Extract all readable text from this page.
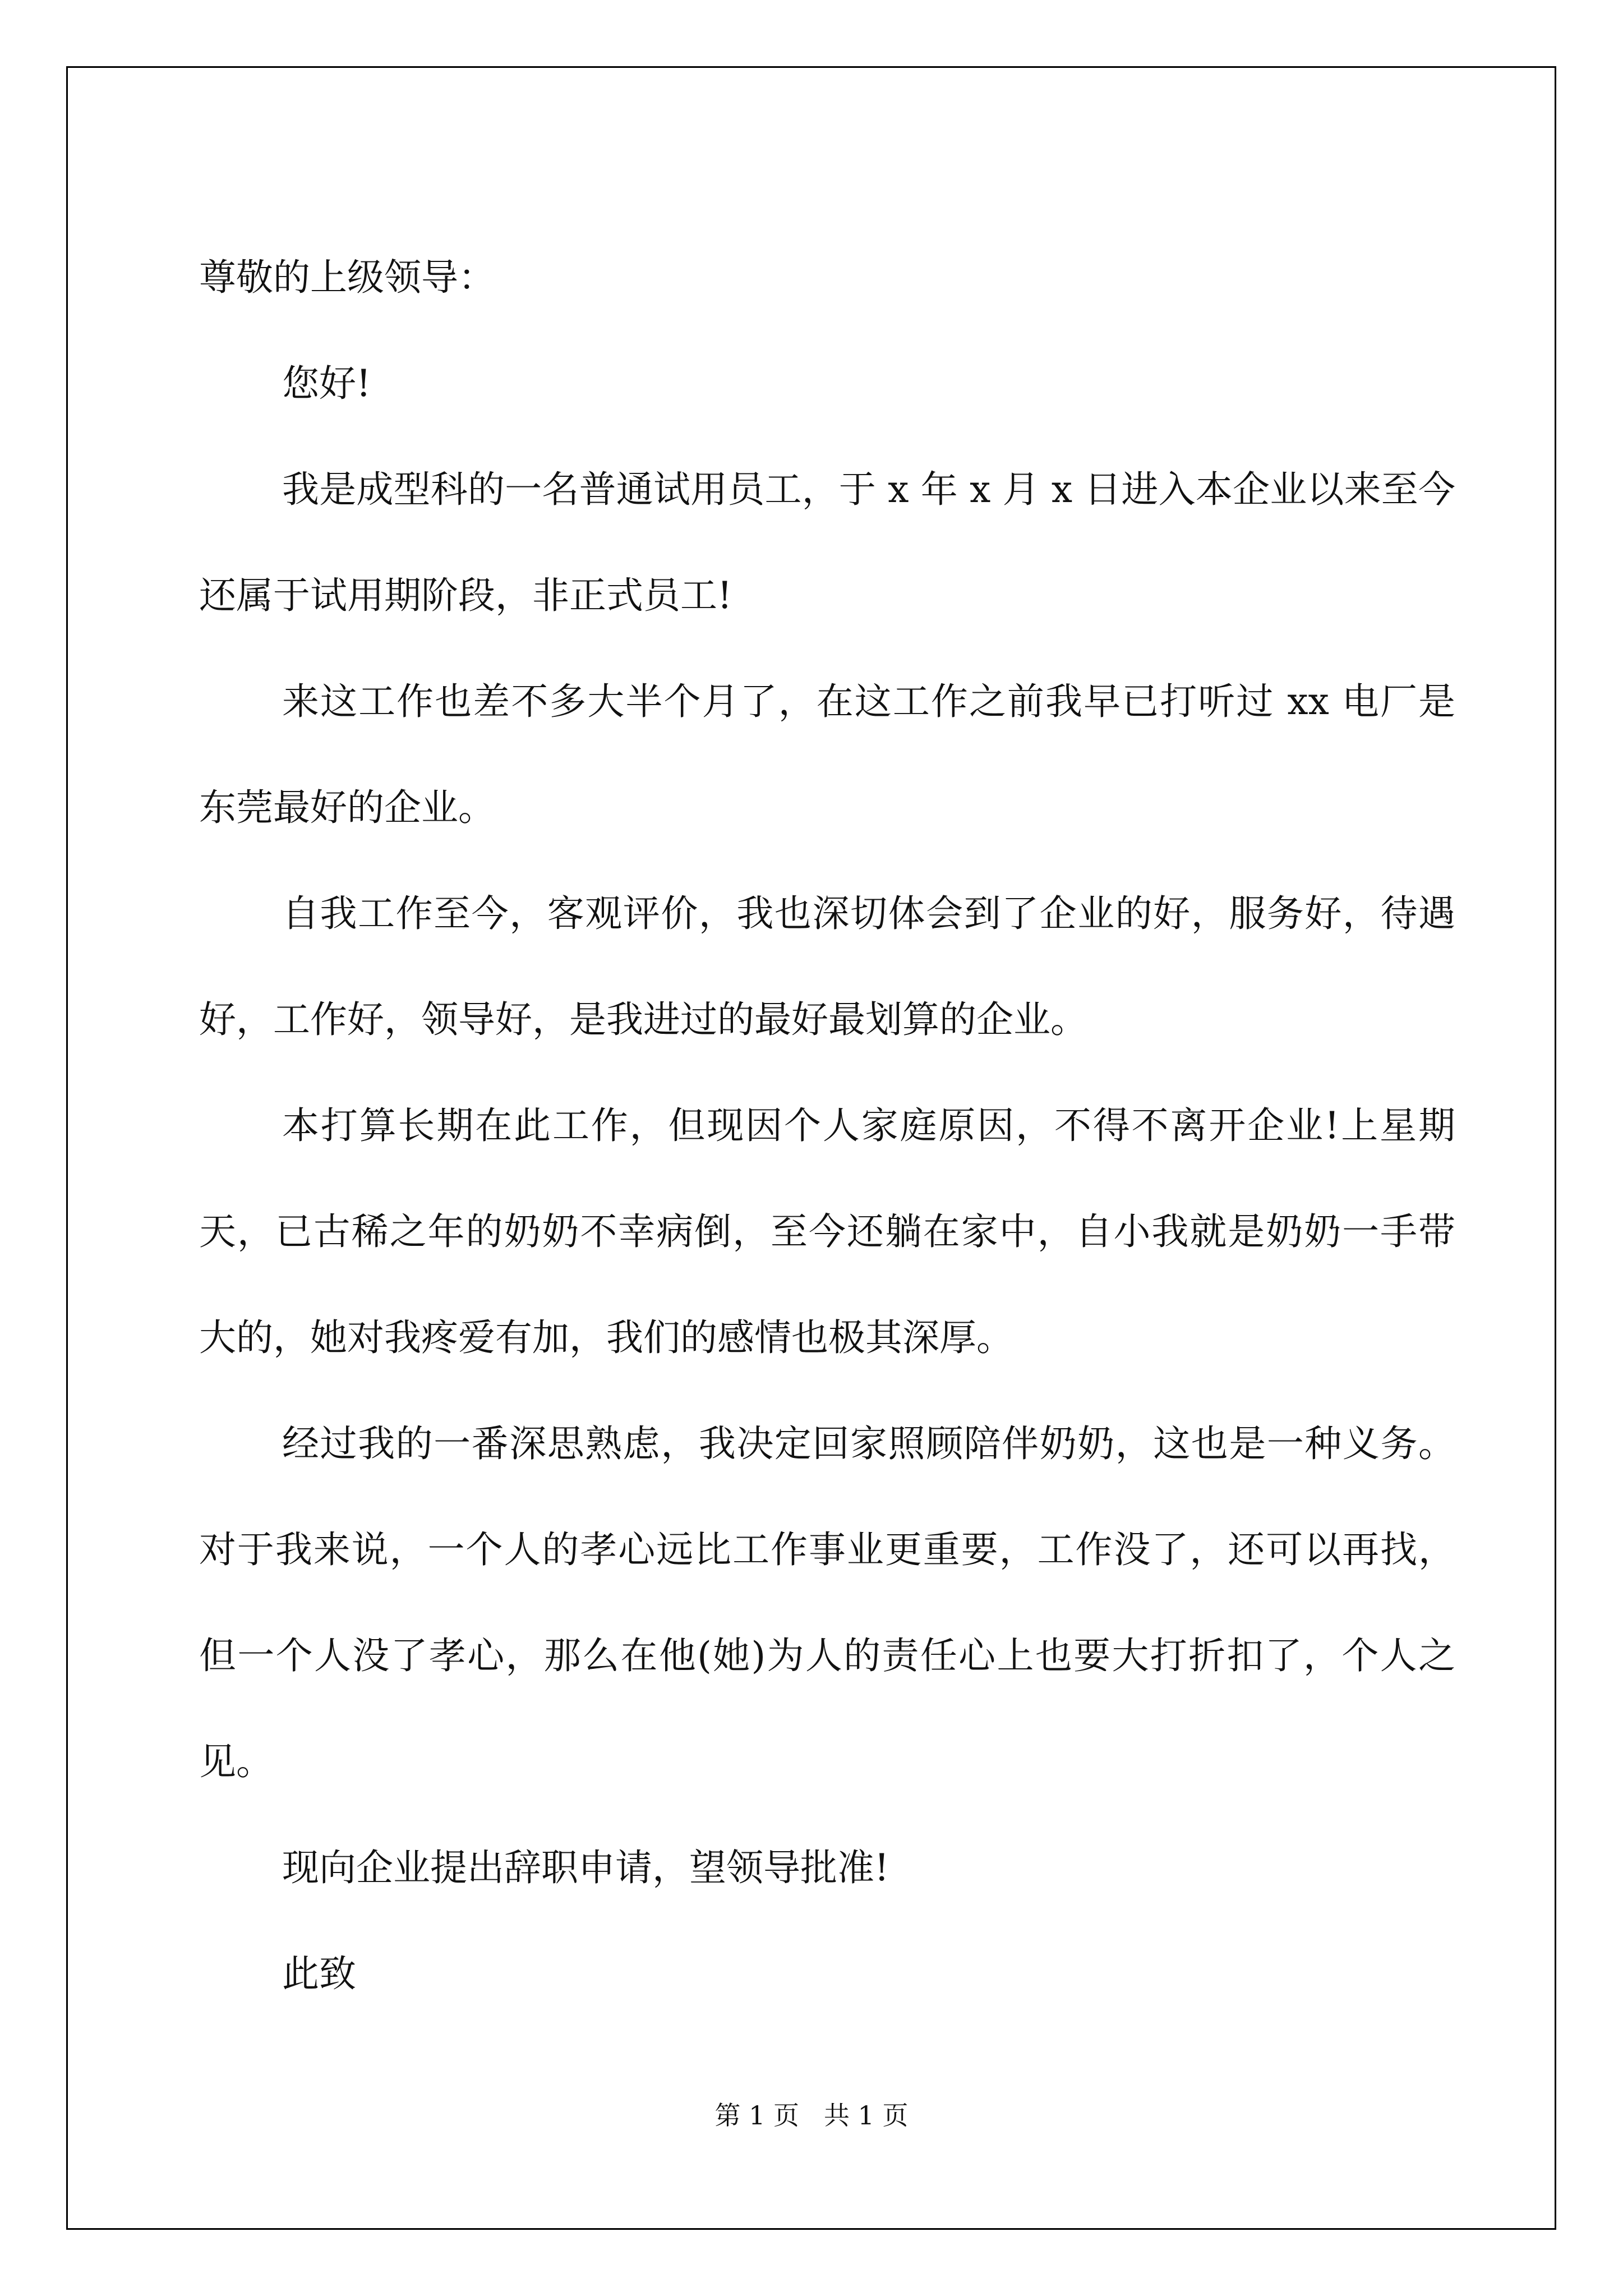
尊敬的上级领导：

您好!

我是成型科的一名普通试用员工，于 x 年 x 月 x 日进入本企业以来至今还属于试用期阶段，非正式员工!

来这工作也差不多大半个月了，在这工作之前我早已打听过 xx 电厂是东莞最好的企业。

自我工作至今，客观评价，我也深切体会到了企业的好，服务好，待遇好，工作好，领导好，是我进过的最好最划算的企业。

本打算长期在此工作，但现因个人家庭原因，不得不离开企业!上星期天，已古稀之年的奶奶不幸病倒，至今还躺在家中，自小我就是奶奶一手带大的，她对我疼爱有加，我们的感情也极其深厚。

经过我的一番深思熟虑，我决定回家照顾陪伴奶奶，这也是一种义务。对于我来说，一个人的孝心远比工作事业更重要，工作没了，还可以再找，但一个人没了孝心，那么在他(她)为人的责任心上也要大打折扣了，个人之见。

现向企业提出辞职申请，望领导批准!

此致

第 1 页 共 1 页
